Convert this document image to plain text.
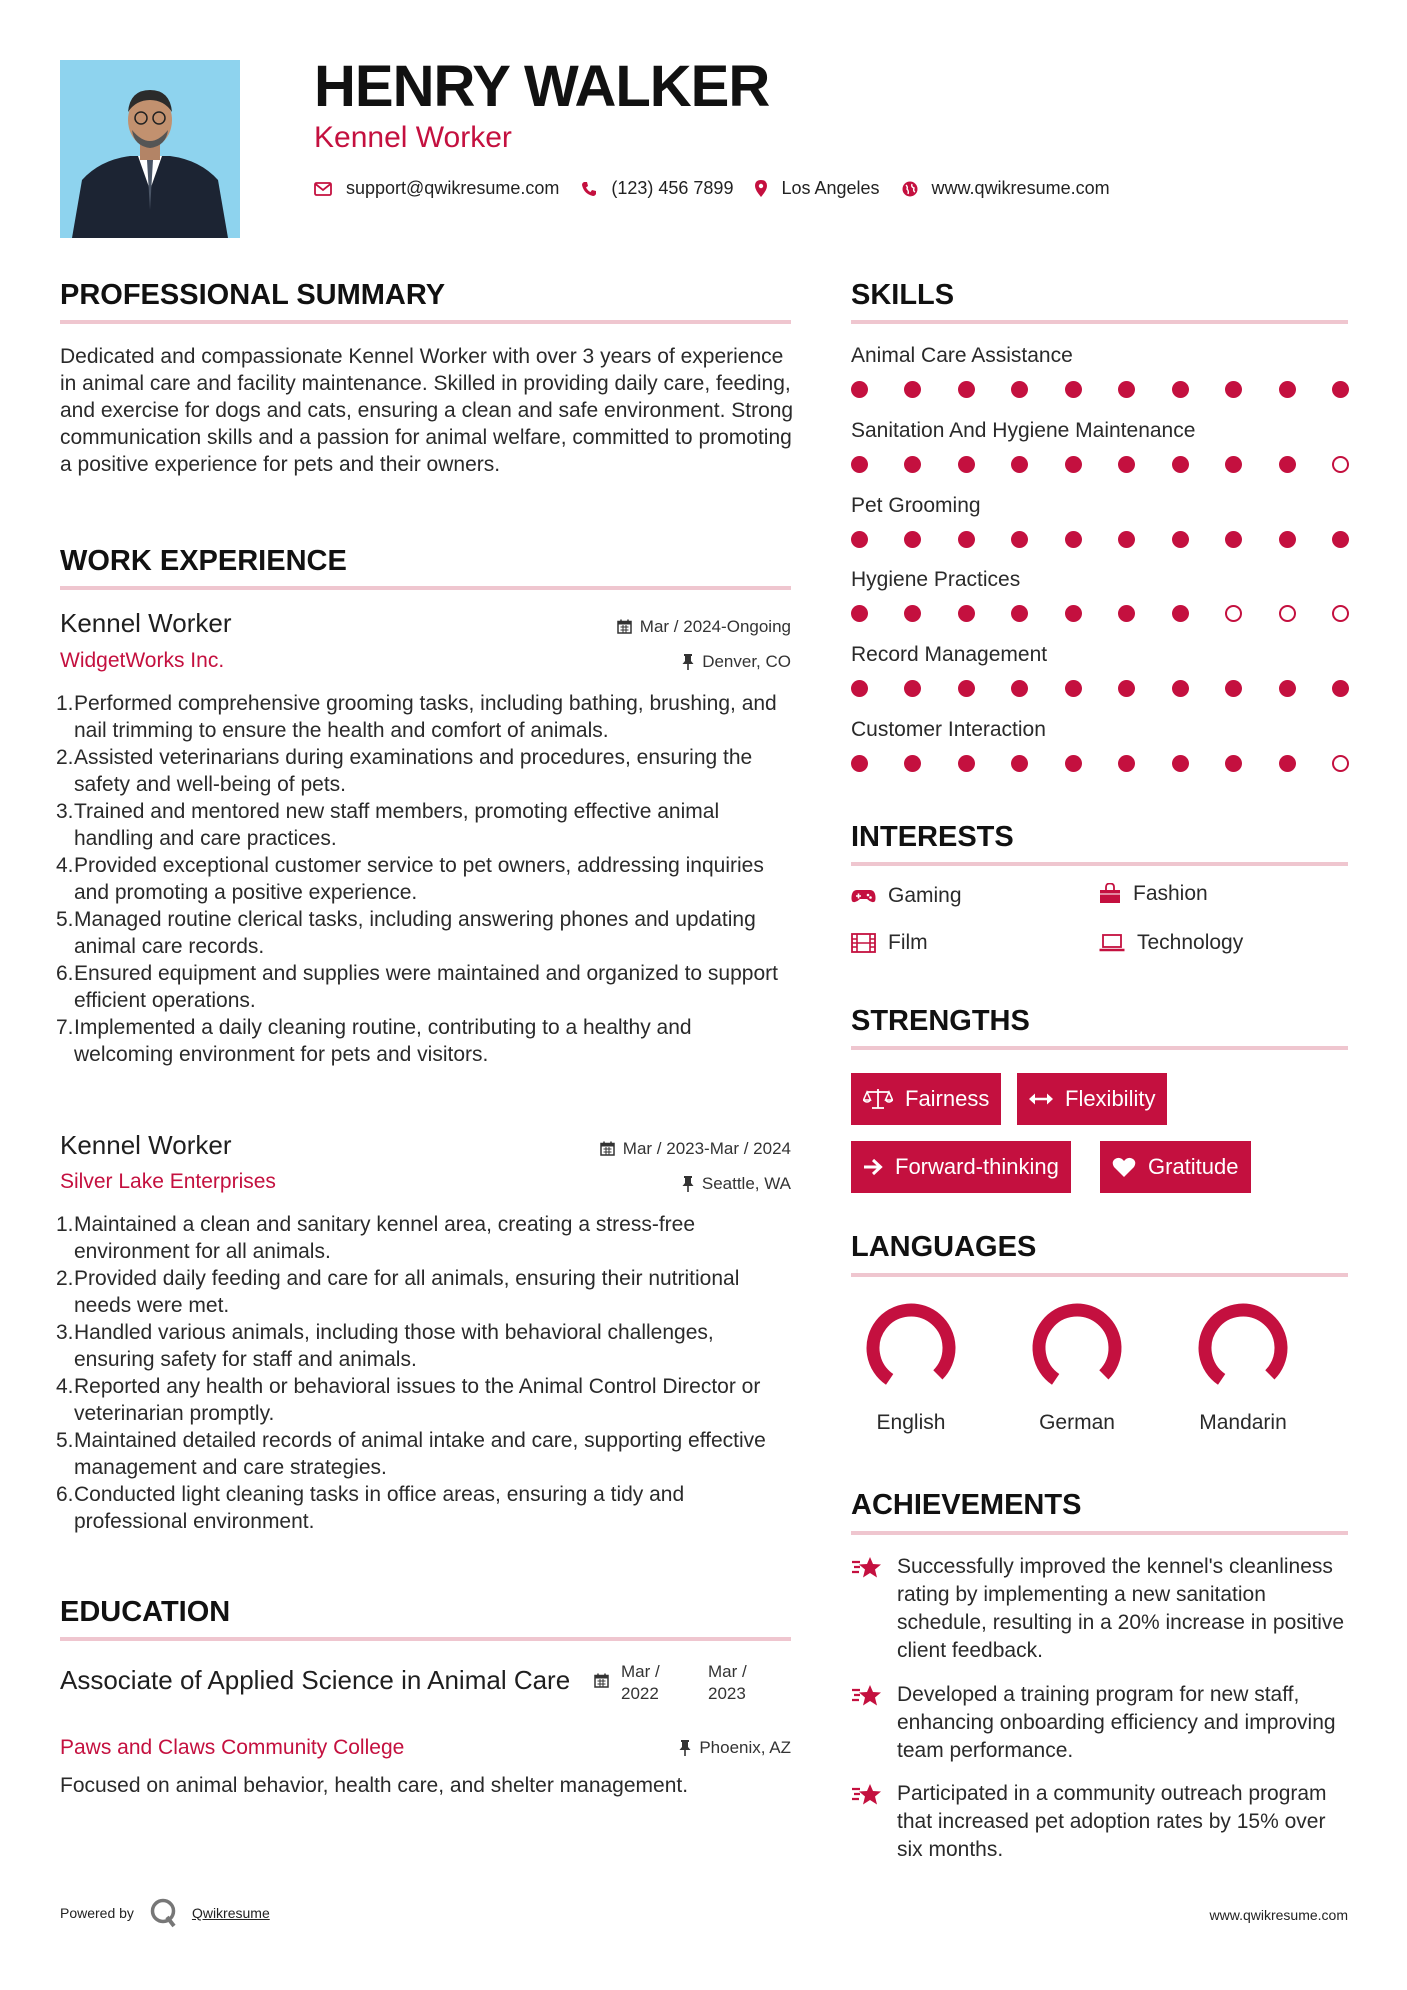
HENRY WALKER
Kennel Worker
support@qwikresume.com	(123) 456 7899	Los Angeles	www.qwikresume.com
PROFESSIONAL SUMMARY
Dedicated and compassionate Kennel Worker with over 3 years of experience in animal care and facility maintenance. Skilled in providing daily care, feeding, and exercise for dogs and cats, ensuring a clean and safe environment. Strong communication skills and a passion for animal welfare, committed to promoting a positive experience for pets and their owners.
WORK EXPERIENCE
Kennel Worker	Mar / 2024-Ongoing
WidgetWorks Inc.	Denver, CO
1. Performed comprehensive grooming tasks, including bathing, brushing, and nail trimming to ensure the health and comfort of animals.
2. Assisted veterinarians during examinations and procedures, ensuring the safety and well-being of pets.
3. Trained and mentored new staff members, promoting effective animal handling and care practices.
4. Provided exceptional customer service to pet owners, addressing inquiries and promoting a positive experience.
5. Managed routine clerical tasks, including answering phones and updating animal care records.
6. Ensured equipment and supplies were maintained and organized to support efficient operations.
7. Implemented a daily cleaning routine, contributing to a healthy and welcoming environment for pets and visitors.
Kennel Worker	Mar / 2023-Mar / 2024
Silver Lake Enterprises	Seattle, WA
1. Maintained a clean and sanitary kennel area, creating a stress-free environment for all animals.
2. Provided daily feeding and care for all animals, ensuring their nutritional needs were met.
3. Handled various animals, including those with behavioral challenges, ensuring safety for staff and animals.
4. Reported any health or behavioral issues to the Animal Control Director or veterinarian promptly.
5. Maintained detailed records of animal intake and care, supporting effective management and care strategies.
6. Conducted light cleaning tasks in office areas, ensuring a tidy and professional environment.
EDUCATION
Associate of Applied Science in Animal Care	Mar / 2022
Mar / 2023
Paws and Claws Community College	Phoenix, AZ
Focused on animal behavior, health care, and shelter management.
SKILLS
Animal Care Assistance
Sanitation And Hygiene Maintenance
Pet Grooming
Hygiene Practices
Record Management
Customer Interaction
INTERESTS
Gaming	Fashion
Film	Technology
STRENGTHS
Fairness	Flexibility
Forward-thinking	Gratitude
LANGUAGES
English	German	Mandarin
ACHIEVEMENTS
Successfully improved the kennel's cleanliness rating by implementing a new sanitation schedule, resulting in a 20% increase in positive client feedback.
Developed a training program for new staff, enhancing onboarding efficiency and improving team performance.
Participated in a community outreach program that increased pet adoption rates by 15% over six months.
Powered by	Qwikresume	www.qwikresume.com
